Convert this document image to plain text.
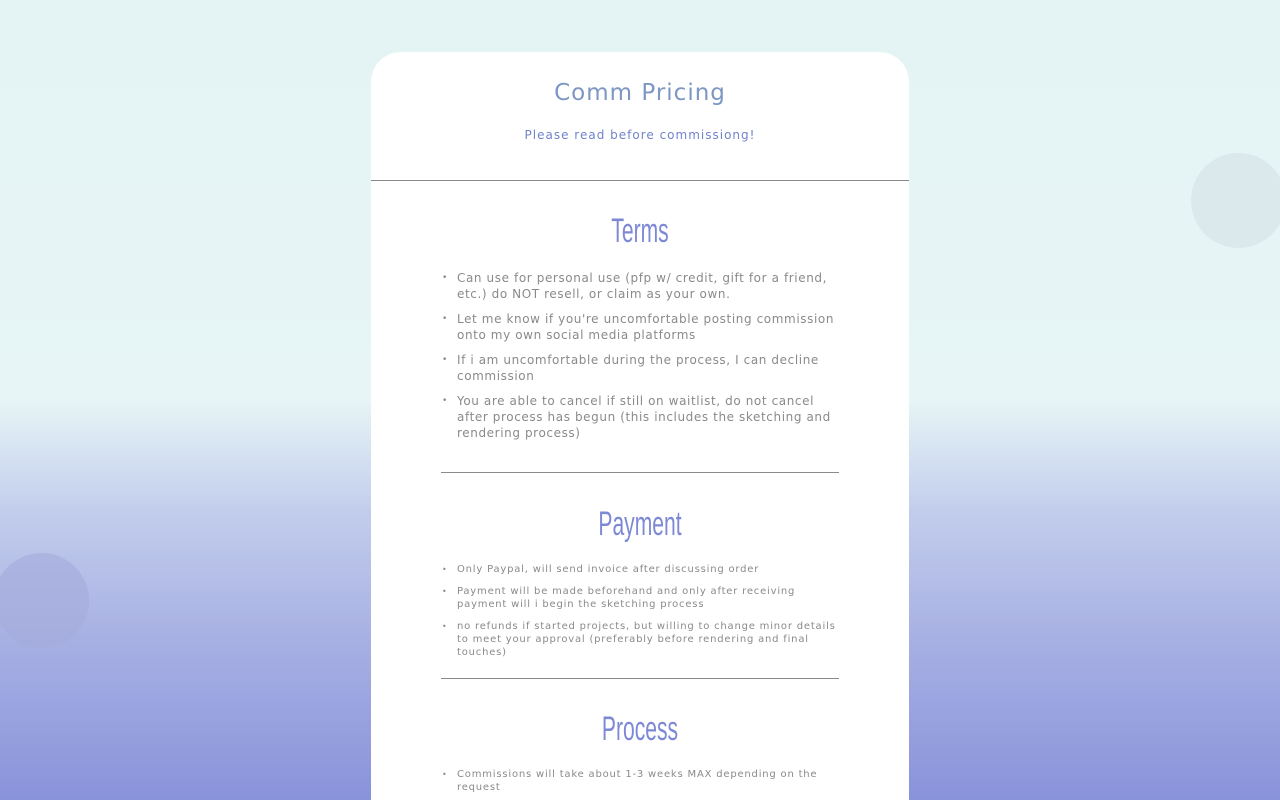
Comm Pricing

Please read before commissiong!

Terms
• Can use for personal use (pfp w/ credit, gift for a friend, etc.) do NOT resell, or claim as your own.
• Let me know if you're uncomfortable posting commission onto my own social media platforms
• If i am uncomfortable during the process, I can decline commission
• You are able to cancel if still on waitlist, do not cancel after process has begun (this includes the sketching and rendering process)
Payment
• Only Paypal, will send invoice after discussing order
• Payment will be made beforehand and only after receiving payment will i begin the sketching process
• no refunds if started projects, but willing to change minor details to meet your approval (preferably before rendering and final touches)
Process
• Commissions will take about 1-3 weeks MAX depending on the request
